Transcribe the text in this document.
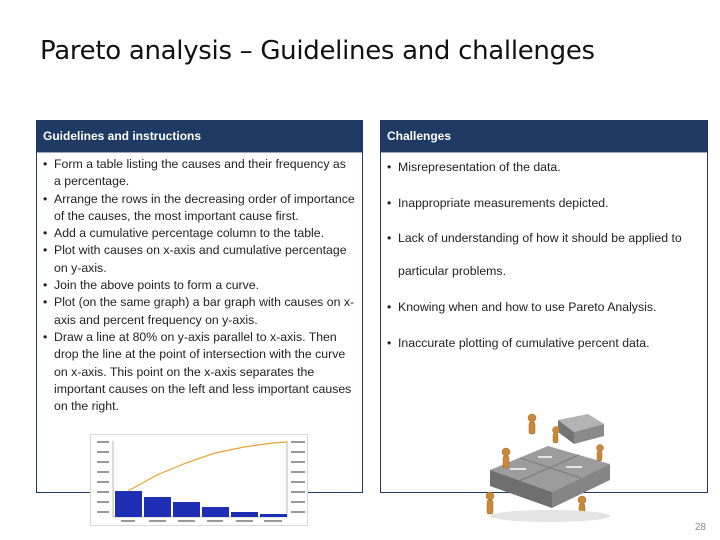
Pareto analysis – Guidelines and challenges
Guidelines and instructions
• Form a table listing the causes and their frequency as a percentage.
• Arrange the rows in the decreasing order of importance of the causes, the most important cause first.
• Add a cumulative percentage column to the table.
• Plot with causes on x-axis and cumulative percentage on y-axis.
• Join the above points to form a curve.
• Plot (on the same graph) a bar graph with causes on x-axis and percent frequency on y-axis.
• Draw a line at 80% on y-axis parallel to x-axis. Then drop the line at the point of intersection with the curve on x-axis. This point on the x-axis separates the important causes on the left and less important causes on the right.
Challenges
• Misrepresentation of the data.
• Inappropriate measurements depicted.
• Lack of understanding of how it should be applied to particular problems.
• Knowing when and how to use Pareto Analysis.
• Inaccurate plotting of cumulative percent data.
28
